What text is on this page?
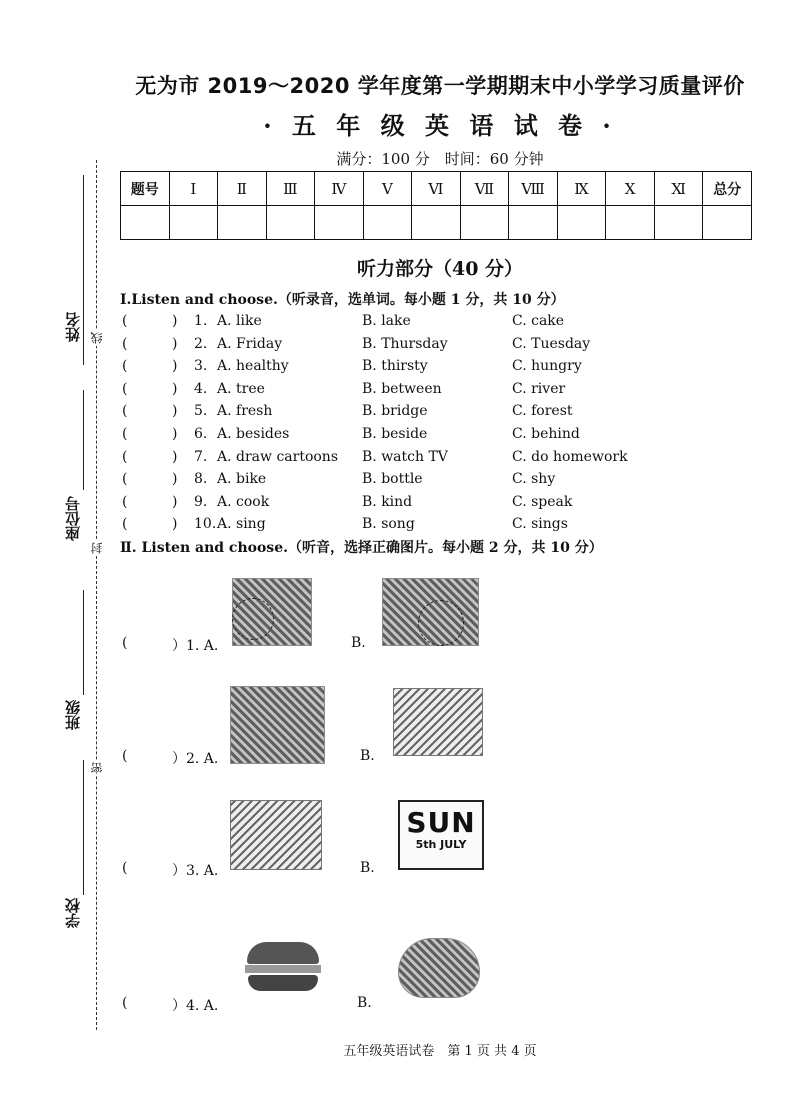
姓名
座位号
班级
学校
线
封
密
无为市 2019～2020 学年度第一学期期末中小学学习质量评价
· 五 年 级 英 语 试 卷 ·
满分：100 分　时间：60 分钟
题号	Ⅰ	Ⅱ	Ⅲ	Ⅳ	Ⅴ	Ⅵ	Ⅶ	Ⅷ	Ⅸ	Ⅹ	Ⅺ	总分

听力部分（40 分）
Ⅰ.Listen and choose.（听录音，选单词。每小题 1 分，共 10 分）
(	) 1. A. like	B. lake	C. cake
(	) 2. A. Friday	B. Thursday	C. Tuesday
(	) 3. A. healthy	B. thirsty	C. hungry
(	) 4. A. tree	B. between	C. river
(	) 5. A. fresh	B. bridge	C. forest
(	) 6. A. besides	B. beside	C. behind
(	) 7. A. draw cartoons B. watch TV	C. do homework
(	) 8. A. bike	B. bottle	C. shy
(	) 9. A. cook	B. kind	C. speak
(	) 10. A. sing	B. song	C. sings
Ⅱ. Listen and choose.（听音，选择正确图片。每小题 2 分，共 10 分）
(	）1. A.	B.
(	）2. A.	B.
(	）3. A.	B.
SUN
5th JULY
(	）4. A.	B.
五年级英语试卷　第 1 页 共 4 页
